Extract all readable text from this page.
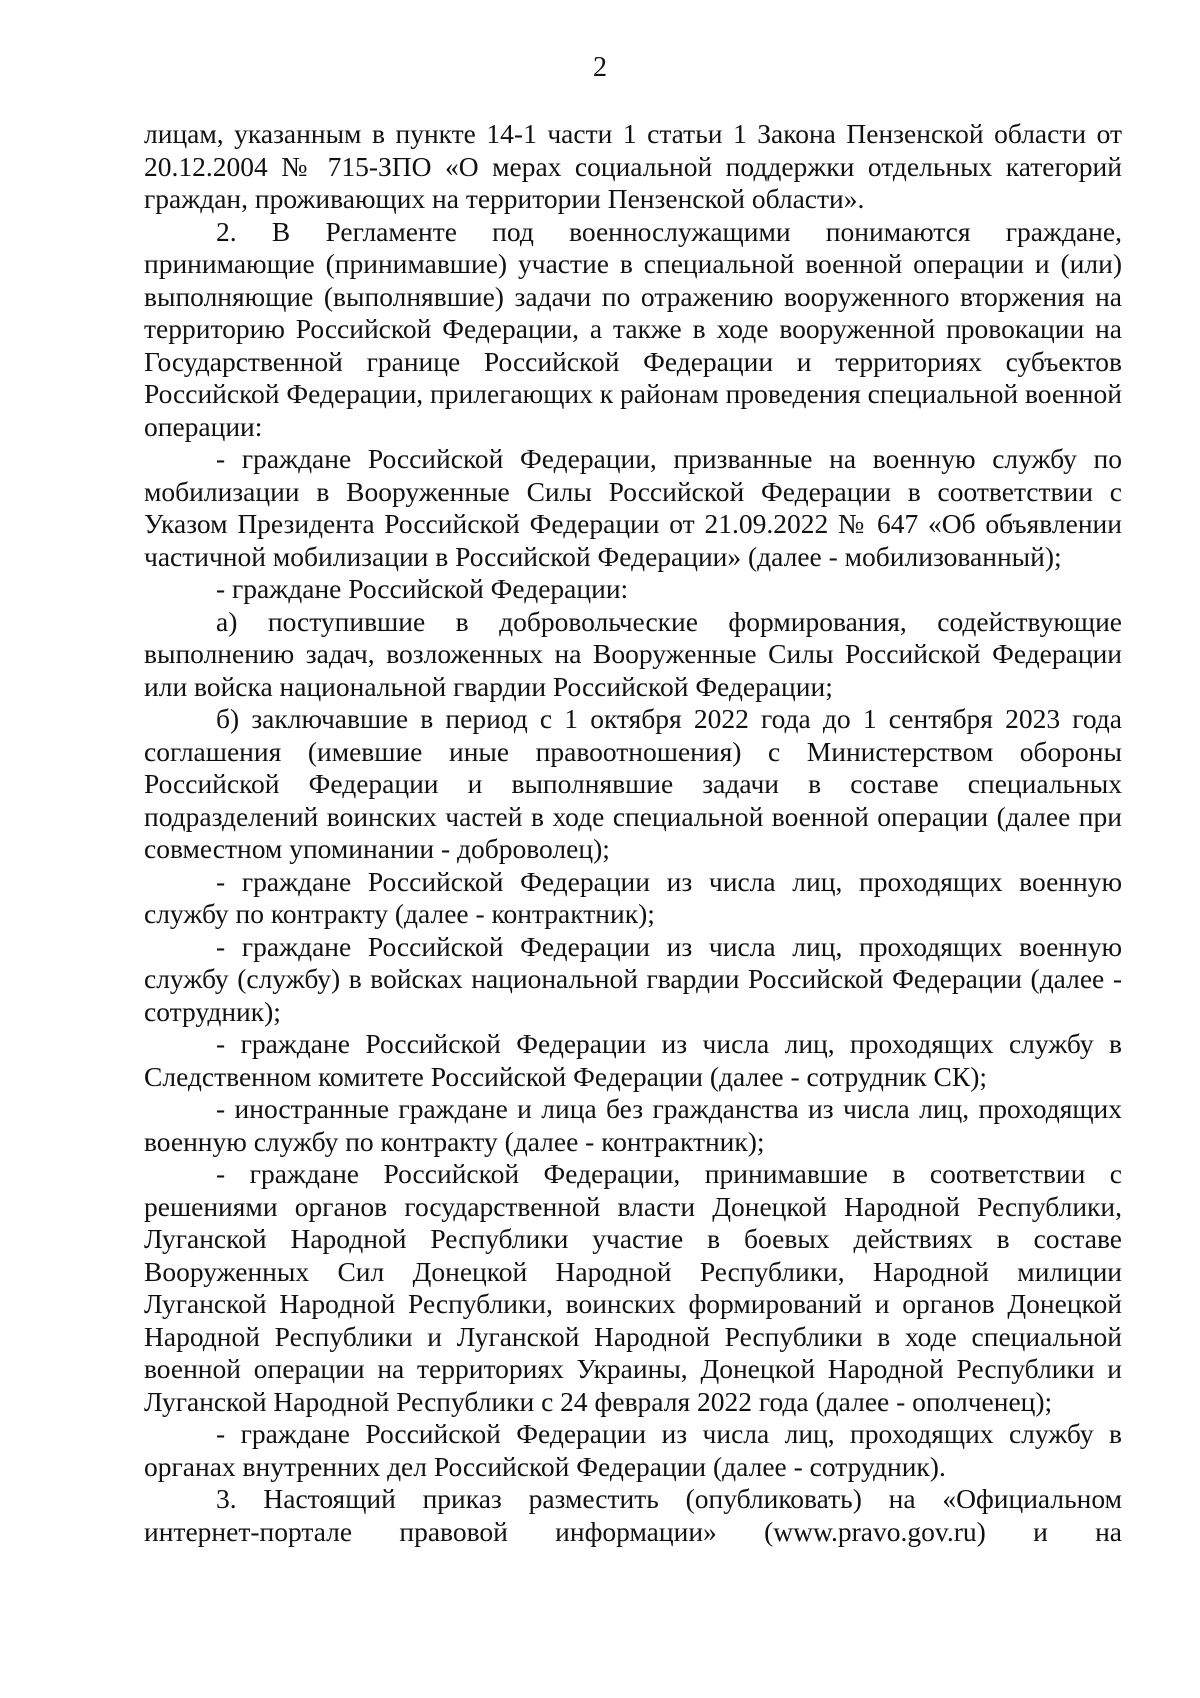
2

лицам, указанным в пункте 14-1 части 1 статьи 1 Закона Пензенской области от 20.12.2004 № 715-ЗПО «О мерах социальной поддержки отдельных категорий граждан, проживающих на территории Пензенской области».

2. В Регламенте под военнослужащими понимаются граждане, принимающие (принимавшие) участие в специальной военной операции и (или) выполняющие (выполнявшие) задачи по отражению вооруженного вторжения на территорию Российской Федерации, а также в ходе вооруженной провокации на Государственной границе Российской Федерации и территориях субъектов Российской Федерации, прилегающих к районам проведения специальной военной операции:

- граждане Российской Федерации, призванные на военную службу по мобилизации в Вооруженные Силы Российской Федерации в соответствии с Указом Президента Российской Федерации от 21.09.2022 № 647 «Об объявлении частичной мобилизации в Российской Федерации» (далее - мобилизованный);

- граждане Российской Федерации:

а) поступившие в добровольческие формирования, содействующие выполнению задач, возложенных на Вооруженные Силы Российской Федерации или войска национальной гвардии Российской Федерации;

б) заключавшие в период с 1 октября 2022 года до 1 сентября 2023 года соглашения (имевшие иные правоотношения) с Министерством обороны Российской Федерации и выполнявшие задачи в составе специальных подразделений воинских частей в ходе специальной военной операции (далее при совместном упоминании - доброволец);

- граждане Российской Федерации из числа лиц, проходящих военную службу по контракту (далее - контрактник);

- граждане Российской Федерации из числа лиц, проходящих военную службу (службу) в войсках национальной гвардии Российской Федерации (далее - сотрудник);

- граждане Российской Федерации из числа лиц, проходящих службу в Следственном комитете Российской Федерации (далее - сотрудник СК);

- иностранные граждане и лица без гражданства из числа лиц, проходящих военную службу по контракту (далее - контрактник);

- граждане Российской Федерации, принимавшие в соответствии с решениями органов государственной власти Донецкой Народной Республики, Луганской Народной Республики участие в боевых действиях в составе Вооруженных Сил Донецкой Народной Республики, Народной милиции Луганской Народной Республики, воинских формирований и органов Донецкой Народной Республики и Луганской Народной Республики в ходе специальной военной операции на территориях Украины, Донецкой Народной Республики и Луганской Народной Республики с 24 февраля 2022 года (далее - ополченец);

- граждане Российской Федерации из числа лиц, проходящих службу в органах внутренних дел Российской Федерации (далее - сотрудник).

3. Настоящий приказ разместить (опубликовать) на «Официальном интернет-портале правовой информации» (www.pravo.gov.ru) и на
